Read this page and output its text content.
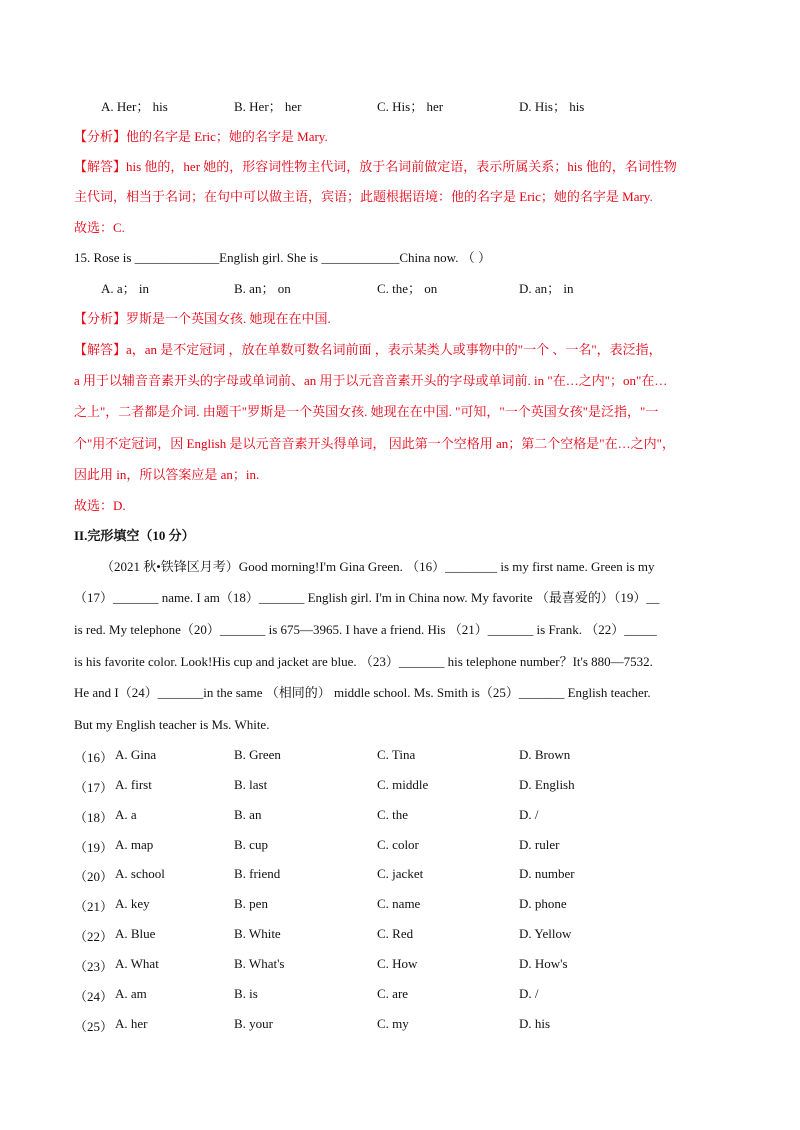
A. Her； his	B. Her； her	C. His； her	D. His； his
【分析】他的名字是 Eric；她的名字是 Mary.
【解答】his 他的，her 她的，形容词性物主代词，放于名词前做定语，表示所属关系；his 他的，名词性物
主代词，相当于名词；在句中可以做主语，宾语；此题根据语境：他的名字是 Eric；她的名字是 Mary.
故选：C.
15. Rose is _____________English girl. She is ____________China now. （ ）
A. a； in	B. an； on	C. the； on	D. an； in
【分析】罗斯是一个英国女孩. 她现在在中国.
【解答】a，an 是不定冠词 ，放在单数可数名词前面 ，表示某类人或事物中的"一个 、一名"，表泛指，
a 用于以辅音音素开头的字母或单词前、an 用于以元音音素开头的字母或单词前. in "在…之内"；on"在…
之上"，二者都是介词. 由题干"罗斯是一个英国女孩. 她现在在中国. "可知，"一个英国女孩"是泛指，"一
个"用不定冠词，因 English 是以元音音素开头得单词， 因此第一个空格用 an；第二个空格是"在…之内"，
因此用 in，所以答案应是 an；in.
故选：D.
II.完形填空（10 分）
（2021 秋•铁锋区月考）Good morning!I'm Gina Green. （16）________ is my first name. Green is my
（17）_______ name. I am（18）_______ English girl. I'm in China now. My favorite （最喜爱的）（19）__
is red. My telephone（20）_______ is 675—3965. I have a friend. His （21）_______ is Frank. （22）_____
is his favorite color. Look!His cup and jacket are blue. （23）_______ his telephone number？It's 880—7532.
He and I（24）_______in the same （相同的） middle school. Ms. Smith is（25）_______ English teacher.
But my English teacher is Ms. White.
（16） A. Gina	B. Green	C. Tina	D. Brown
（17） A. first	B. last	C. middle	D. English
（18） A. a	B. an	C. the	D. /
（19） A. map	B. cup	C. color	D. ruler
（20） A. school	B. friend	C. jacket	D. number
（21） A. key	B. pen	C. name	D. phone
（22） A. Blue	B. White	C. Red	D. Yellow
（23） A. What	B. What's	C. How	D. How's
（24） A. am	B. is	C. are	D. /
（25） A. her	B. your	C. my	D. his
